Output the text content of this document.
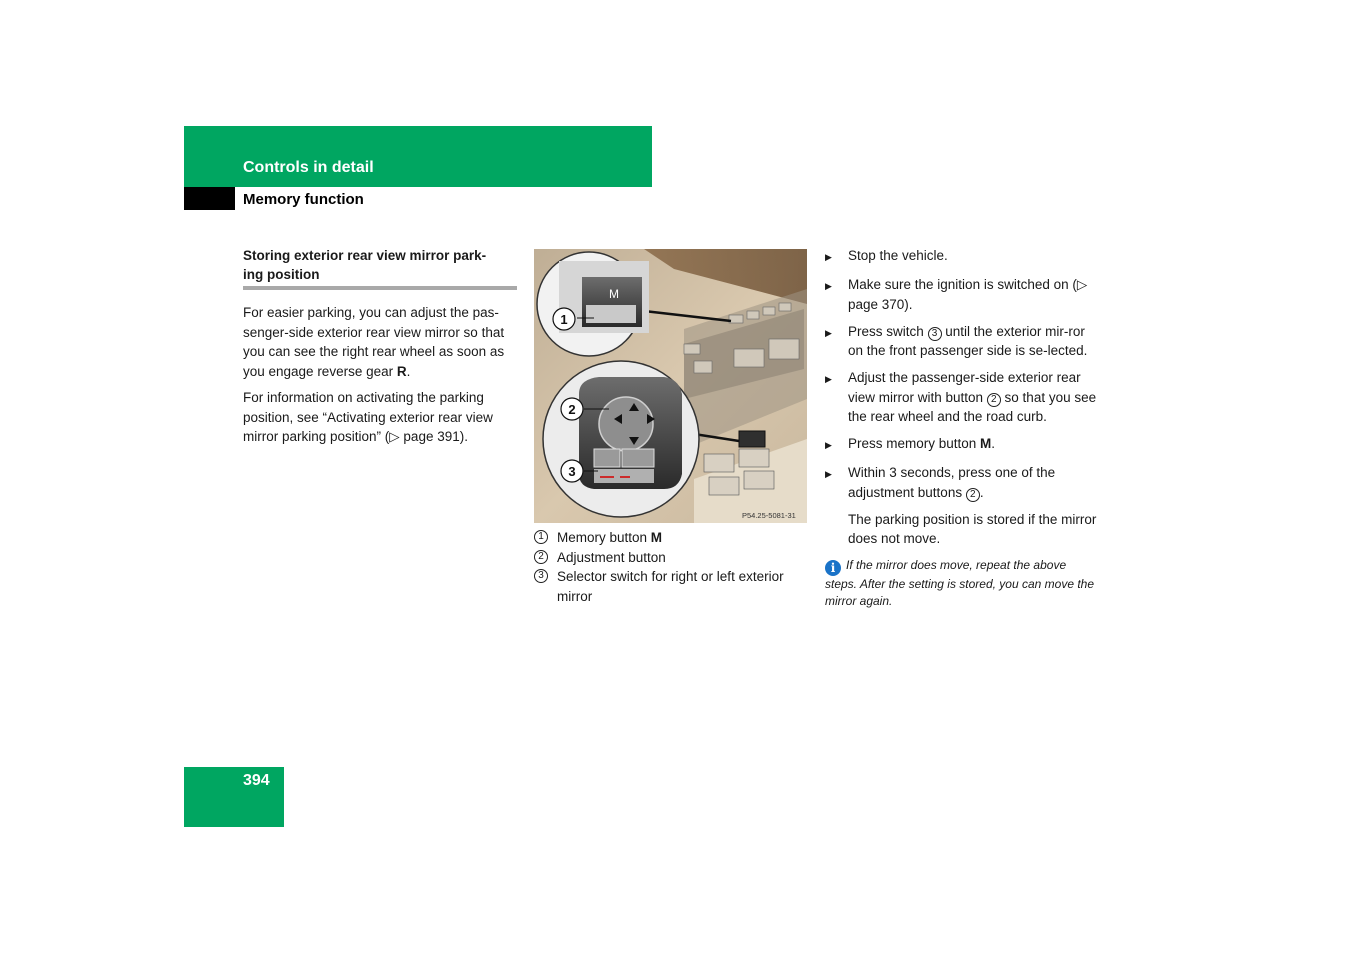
Controls in detail
Memory function
Storing exterior rear view mirror park-
ing position

For easier parking, you can adjust the pas-senger-side exterior rear view mirror so that you can see the right rear wheel as soon as you engage reverse gear R.

For information on activating the parking position, see “Activating exterior rear view mirror parking position” (▷ page 391).

M
1
2
3
P54.25-5081-31
1 Memory button M
2 Adjustment button
3 Selector switch for right or left exterior mirror
▶	Stop the vehicle.
▶	Make sure the ignition is switched on (▷ page 370).
▶	Press switch 3 until the exterior mir-ror on the front passenger side is se-lected.
▶	Adjust the passenger-side exterior rear view mirror with button 2 so that you see the rear wheel and the road curb.
▶	Press memory button M.
▶	Within 3 seconds, press one of the adjustment buttons 2 .
The parking position is stored if the mirror does not move.
i If the mirror does move, repeat the above steps. After the setting is stored, you can move the mirror again.
394
